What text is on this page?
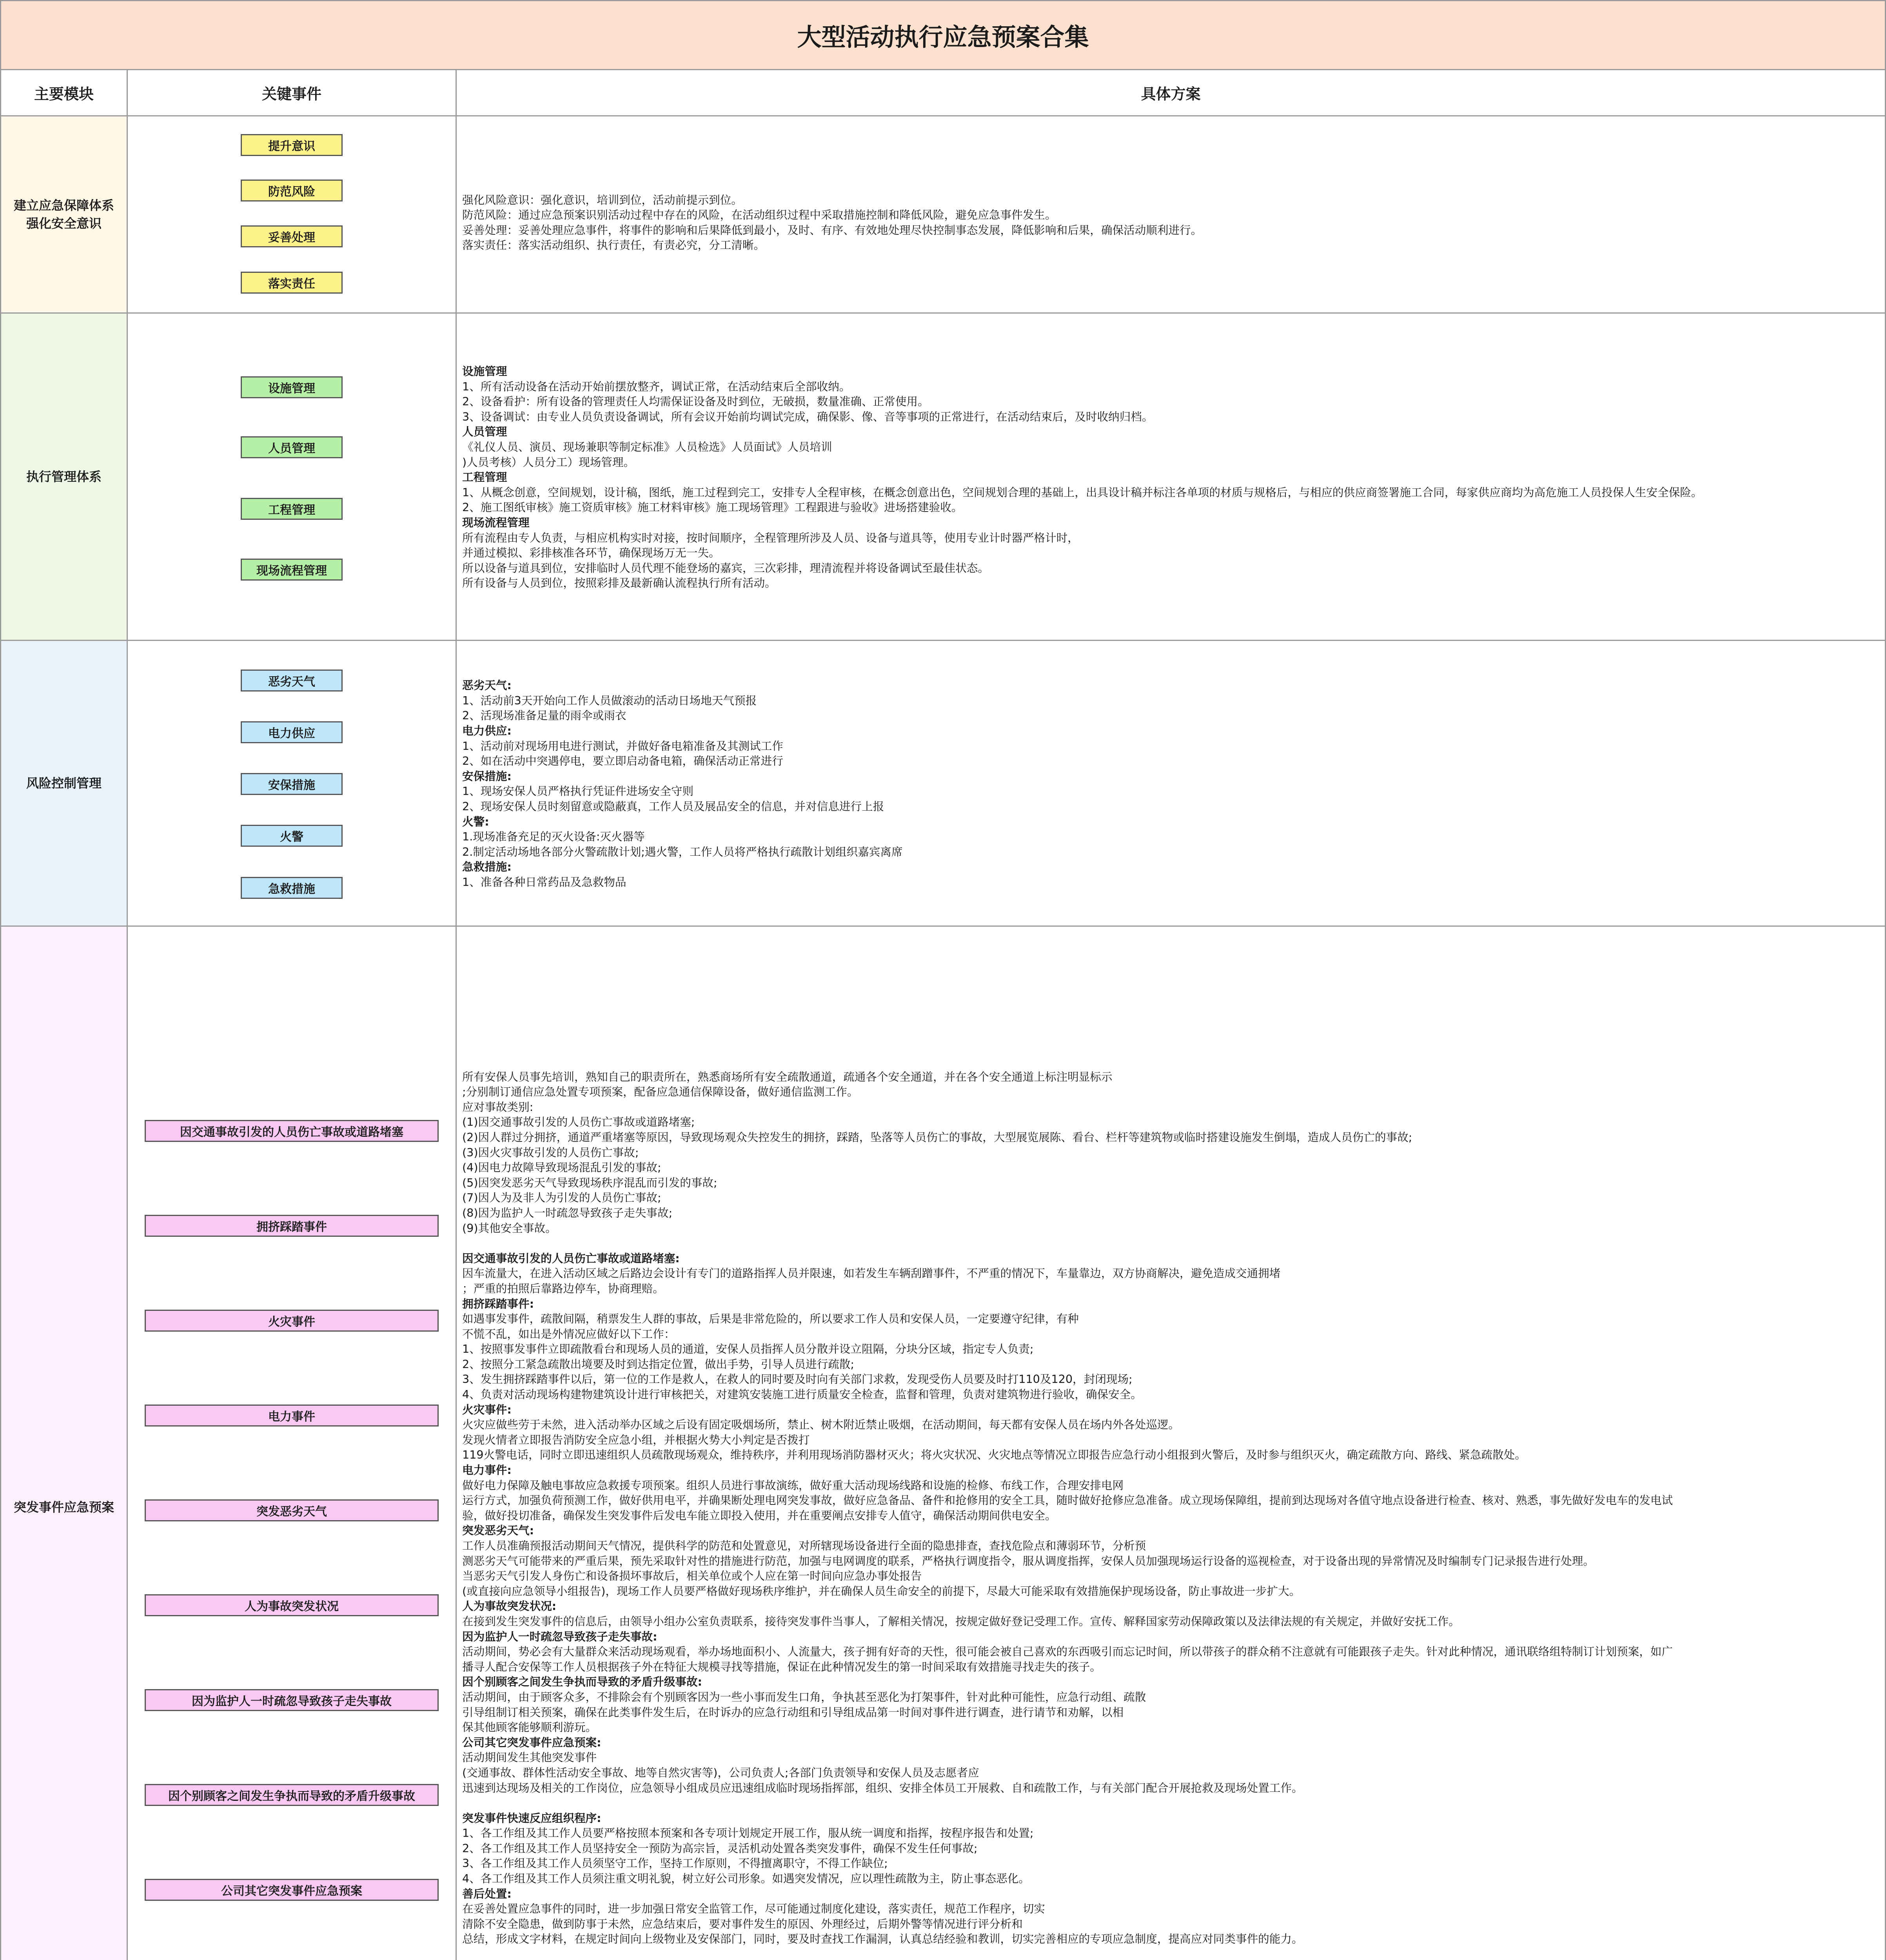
大型活动执行应急预案合集
主要模块	关键事件	具体方案
建立应急保障体系
强化安全意识
提升意识
防范风险
妥善处理
落实责任

强化风险意识：强化意识，培训到位，活动前提示到位。
防范风险：通过应急预案识别活动过程中存在的风险，在活动组织过程中采取措施控制和降低风险，避免应急事件发生。
妥善处理：妥善处理应急事件，将事件的影响和后果降低到最小，及时、有序、有效地处理尽快控制事态发展，降低影响和后果，确保活动顺利进行。
落实责任：落实活动组织、执行责任，有责必究，分工清晰。
执行管理体系
设施管理
人员管理
工程管理
现场流程管理
设施管理
1、所有活动设备在活动开始前摆放整齐，调试正常，在活动结束后全部收纳。
2、设备看护：所有设备的管理责任人均需保证设备及时到位，无破损，数量准确、正常使用。
3、设备调试：由专业人员负责设备调试，所有会议开始前均调试完成，确保影、像、音等事项的正常进行，在活动结束后，及时收纳归档。
人员管理
《礼仪人员、演员、现场兼职等制定标准》人员检选》人员面试》人员培训
)人员考核）人员分工）现场管理。
工程管理
1、从概念创意，空间规划，设计稿，图纸，施工过程到完工，安排专人全程审核，在概念创意出色，空间规划合理的基础上，出具设计稿并标注各单项的材质与规格后，与相应的供应商签署施工合同，每家供应商均为高危施工人员投保人生安全保险。
2、施工图纸审核》施工资质审核》施工材料审核》施工现场管理》工程跟进与验收》进场搭建验收。
现场流程管理
所有流程由专人负责，与相应机构实时对接，按时间顺序，全程管理所涉及人员、设备与道具等，使用专业计时器严格计时，
并通过模拟、彩排核准各环节，确保现场万无一失。
所以设备与道具到位，安排临时人员代理不能登场的嘉宾，三次彩排，理清流程并将设备调试至最佳状态。
所有设备与人员到位，按照彩排及最新确认流程执行所有活动。
风险控制管理
恶劣天气
电力供应
安保措施
火警
急救措施
恶劣天气:
1、活动前3天开始向工作人员做滚动的活动日场地天气预报
2、活现场准备足量的雨伞或雨衣
电力供应:
1、活动前对现场用电进行测试，并做好备电箱准备及其测试工作
2、如在活动中突遇停电，要立即启动备电箱，确保活动正常进行
安保措施:
1、现场安保人员严格执行凭证件进场安全守则
2、现场安保人员时刻留意或隐蔽真，工作人员及展品安全的信息，并对信息进行上报
火警:
1.现场准备充足的灭火设备:灭火器等
2.制定活动场地各部分火警疏散计划;遇火警，工作人员将严格执行疏散计划组织嘉宾离席
急救措施:
1、准备各种日常药品及急救物品
突发事件应急预案
因交通事故引发的人员伤亡事故或道路堵塞
拥挤踩踏事件
火灾事件
电力事件
突发恶劣天气
人为事故突发状况
因为监护人一时疏忽导致孩子走失事故
因个别顾客之间发生争执而导致的矛盾升级事故
公司其它突发事件应急预案
所有安保人员事先培训，熟知自己的职责所在，熟悉商场所有安全疏散通道，疏通各个安全通道，并在各个安全通道上标注明显标示
;分别制订通信应急处置专项预案，配备应急通信保障设备，做好通信监测工作。
应对事故类别:
(1)因交通事故引发的人员伤亡事故或道路堵塞;
(2)因人群过分拥挤，通道严重堵塞等原因，导致现场观众失控发生的拥挤，踩踏，坠落等人员伤亡的事故，大型展览展陈、看台、栏杆等建筑物或临时搭建设施发生倒塌，造成人员伤亡的事故;
(3)因火灾事故引发的人员伤亡事故;
(4)因电力故障导致现场混乱引发的事故;
(5)因突发恶劣天气导致现场秩序混乱而引发的事故;
(7)因人为及非人为引发的人员伤亡事故;
(8)因为监护人一时疏忽导致孩子走失事故;
(9)其他安全事故。

因交通事故引发的人员伤亡事故或道路堵塞:
因车流量大，在进入活动区域之后路边会设计有专门的道路指挥人员并限速，如若发生车辆刮蹭事件，不严重的情况下，车量靠边，双方协商解决，避免造成交通拥堵
；严重的拍照后靠路边停车，协商理赔。
拥挤踩踏事件:
如遇事发事件，疏散间隔，稍票发生人群的事故，后果是非常危险的，所以要求工作人员和安保人员，一定要遵守纪律，有种
不慌不乱，如出是外情况应做好以下工作：
1、按照事发事件立即疏散看台和现场人员的通道，安保人员指挥人员分散并设立阻隔，分块分区域，指定专人负责;
2、按照分工紧急疏散出境要及时到达指定位置，做出手势，引导人员进行疏散;
3、发生拥挤踩踏事件以后，第一位的工作是救人，在救人的同时要及时向有关部门求救，发现受伤人员要及时打110及120，封闭现场;
4、负责对活动现场构建物建筑设计进行审核把关，对建筑安装施工进行质量安全检查，监督和管理，负责对建筑物进行验收，确保安全。
火灾事件:
火灾应做些劳于未然，进入活动举办区域之后设有固定吸烟场所，禁止、树木附近禁止吸烟，在活动期间，每天都有安保人员在场内外各处巡逻。
发现火情者立即报告消防安全应急小组，并根据火势大小判定是否拨打
119火警电话，同时立即迅速组织人员疏散现场观众，维持秩序，并利用现场消防器材灭火；将火灾状况、火灾地点等情况立即报告应急行动小组报到火警后，及时参与组织灭火，确定疏散方向、路线、紧急疏散处。
电力事件:
做好电力保障及触电事故应急救援专项预案。组织人员进行事故演练，做好重大活动现场线路和设施的检修、布线工作，合理安排电网
运行方式，加强负荷预测工作，做好供用电平，并确果断处理电网突发事故，做好应急备品、备件和抢修用的安全工具，随时做好抢修应急准备。成立现场保障组，提前到达现场对各值守地点设备进行检查、核对、熟悉，事先做好发电车的发电试
验，做好投切准备，确保发生突发事件后发电车能立即投入使用，并在重要阐点安排专人值守，确保活动期间供电安全。
突发恶劣天气:
工作人员准确预报活动期间天气情况，提供科学的防范和处置意见，对所辖现场设备进行全面的隐患排查，查找危险点和薄弱环节，分析预
测恶劣天气可能带来的严重后果，预先采取针对性的措施进行防范，加强与电网调度的联系，严格执行调度指令，服从调度指挥，安保人员加强现场运行设备的巡视检查，对于设备出现的异常情况及时编制专门记录报告进行处理。
当恶劣天气引发人身伤亡和设备损坏事故后，相关单位或个人应在第一时间向应急办事处报告
(或直接向应急领导小组报告)，现场工作人员要严格做好现场秩序维护，并在确保人员生命安全的前提下，尽最大可能采取有效措施保护现场设备，防止事故进一步扩大。
人为事故突发状况:
在接到发生突发事件的信息后，由领导小组办公室负责联系，接待突发事件当事人，了解相关情况，按规定做好登记受理工作。宣传、解释国家劳动保障政策以及法律法规的有关规定，并做好安抚工作。
因为监护人一时疏忽导致孩子走失事故:
活动期间，势必会有大量群众来活动现场观看，举办场地面积小、人流量大，孩子拥有好奇的天性，很可能会被自己喜欢的东西吸引而忘记时间，所以带孩子的群众稍不注意就有可能跟孩子走失。针对此种情况，通讯联络组特制订计划预案，如广
播寻人配合安保等工作人员根据孩子外在特征大规模寻找等措施，保证在此种情况发生的第一时间采取有效措施寻找走失的孩子。
因个别顾客之间发生争执而导致的矛盾升级事故:
活动期间，由于顾客众多，不排除会有个别顾客因为一些小事而发生口角，争执甚至恶化为打架事件，针对此种可能性，应急行动组、疏散
引导组制订相关预案，确保在此类事件发生后，在时诉办的应急行动组和引导组成品第一时间对事件进行调查，进行请节和劝解，以相
保其他顾客能够顺利游玩。
公司其它突发事件应急预案:
活动期间发生其他突发事件
(交通事故、群体性活动安全事故、地等自然灾害等)，公司负责人;各部门负责领导和安保人员及志愿者应
迅速到达现场及相关的工作岗位，应急领导小组成员应迅速组成临时现场指挥部，组织、安排全体员工开展救、自和疏散工作，与有关部门配合开展抢救及现场处置工作。

突发事件快速反应组织程序:
1、各工作组及其工作人员要严格按照本预案和各专项计划规定开展工作，服从统一调度和指挥，按程序报告和处置;
2、各工作组及其工作人员坚持安全一预防为高宗旨，灵活机动处置各类突发事件，确保不发生任何事故;
3、各工作组及其工作人员须坚守工作，坚持工作原则，不得擅离职守，不得工作缺位;
4、各工作组及其工作人员须注重文明礼貌，树立好公司形象。如遇突发情况，应以理性疏散为主，防止事态恶化。
善后处置:
在妥善处置应急事件的同时，进一步加强日常安全监管工作，尽可能通过制度化建设，落实责任，规范工作程序，切实
清除不安全隐患，做到防事于未然，应急结束后，要对事件发生的原因、外理经过，后期外警等情况进行评分析和
总结，形成文字材料，在规定时间向上级物业及安保部门，同时，要及时查找工作漏洞，认真总结经验和教训，切实完善相应的专项应急制度，提高应对同类事件的能力。
